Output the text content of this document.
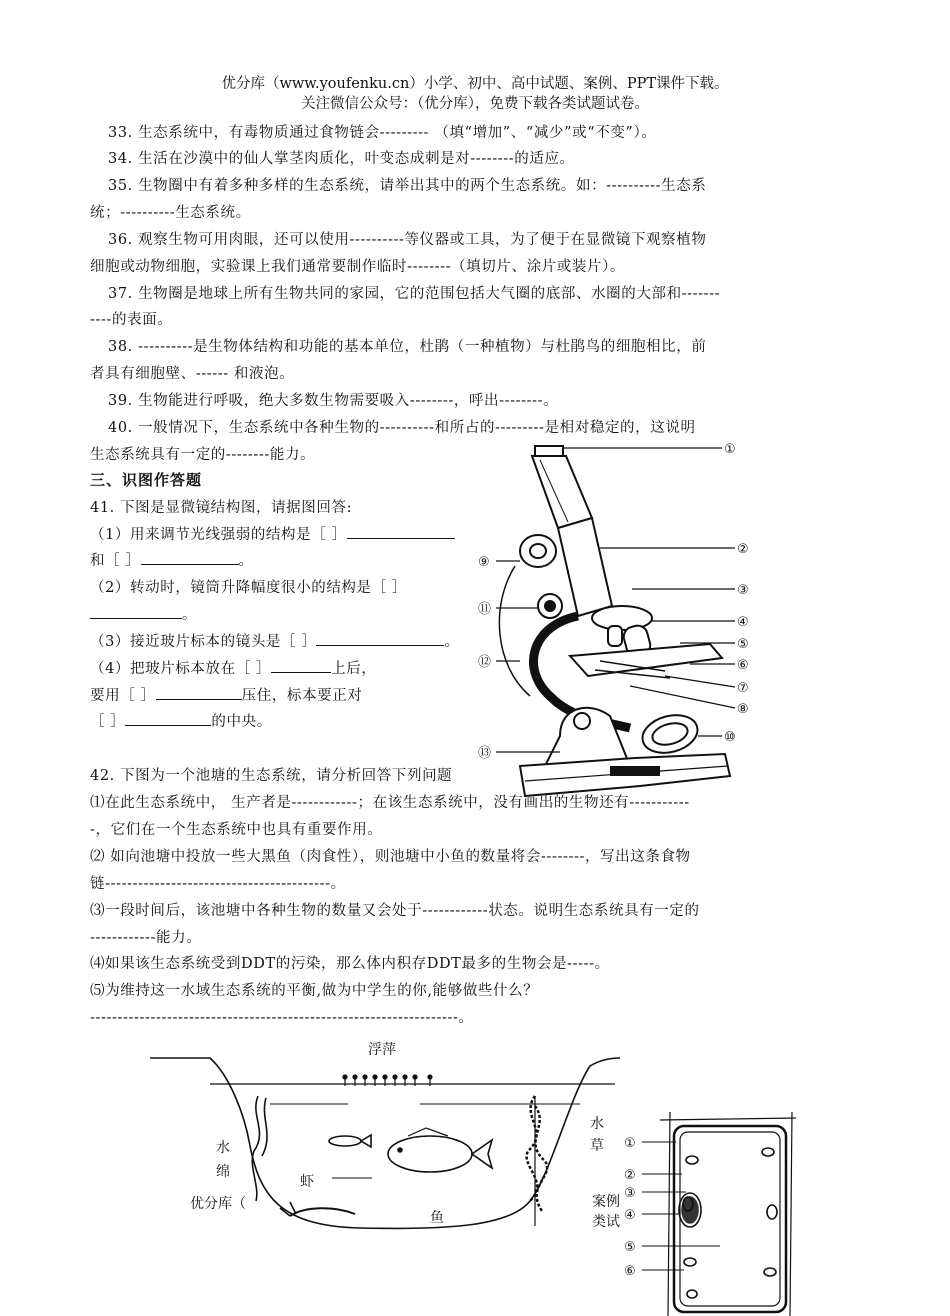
优分库（www.youfenku.cn）小学、初中、高中试题、案例、PPT课件下载。
关注微信公众号：（优分库），免费下载各类试题试卷。
33. 生态系统中，有毒物质通过食物链会--------- （填“增加”、“减少”或“不变”）。
34. 生活在沙漠中的仙人掌茎肉质化，叶变态成刺是对--------的适应。
35. 生物圈中有着多种多样的生态系统，请举出其中的两个生态系统。如：----------生态系
统；----------生态系统。
36. 观察生物可用肉眼，还可以使用----------等仪器或工具，为了便于在显微镜下观察植物
细胞或动物细胞，实验课上我们通常要制作临时--------（填切片、涂片或装片）。
37. 生物圈是地球上所有生物共同的家园，它的范围包括大气圈的底部、水圈的大部和-------
----的表面。
38. ----------是生物体结构和功能的基本单位，杜鹃（一种植物）与杜鹃鸟的细胞相比，前
者具有细胞壁、------ 和液泡。
39. 生物能进行呼吸，绝大多数生物需要吸入--------，呼出--------。
40. 一般情况下，生态系统中各种生物的----------和所占的---------是相对稳定的，这说明
生态系统具有一定的--------能力。
三、识图作答题
41. 下图是显微镜结构图，请据图回答:
（1）用来调节光线强弱的结构是［ ］
和［ ］	。
（2）转动时，镜筒升降幅度很小的结构是［ ］
。
（3）接近玻片标本的镜头是［ ］	。
（4）把玻片标本放在［ ］	上后，
要用［ ］	压住，标本要正对
［ ］	的中央。
42. 下图为一个池塘的生态系统，请分析回答下列问题
⑴在此生态系统中， 生产者是------------；在该生态系统中，没有画出的生物还有-----------
-，它们在一个生态系统中也具有重要作用。
⑵ 如向池塘中投放一些大黑鱼（肉食性），则池塘中小鱼的数量将会--------，写出这条食物
链-----------------------------------------。
⑶一段时间后，该池塘中各种生物的数量又会处于------------状态。说明生态系统具有一定的
------------能力。
⑷如果该生态系统受到DDT的污染，那么体内积存DDT最多的生物会是-----。
⑸为维持这一水域生态系统的平衡,做为中学生的你,能够做些什么？
-------------------------------------------------------------------。
①
②
③
④
⑤
⑥
⑦
⑧
⑨
⑩
⑪
⑫
⑬
浮萍
水
绵
虾
鱼
水
草
优分库（	案例
类试
①
②
③
④
⑤
⑥
